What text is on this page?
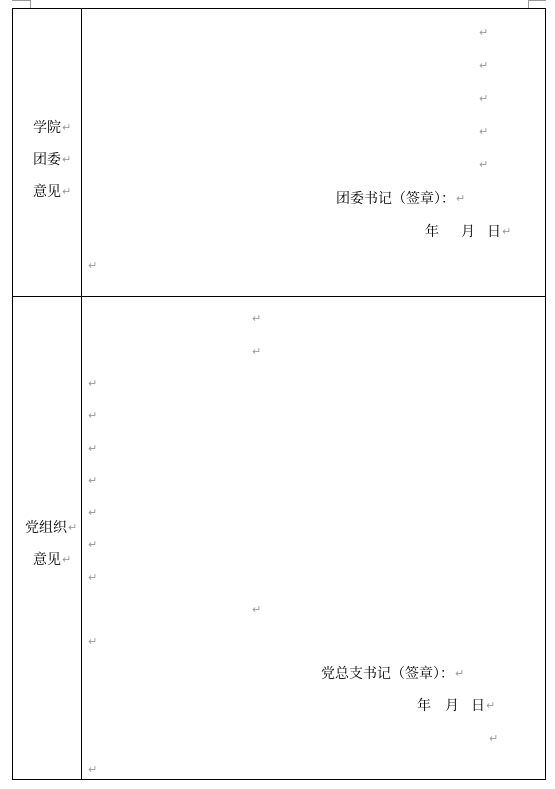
学院↵
团委↵
意见↵
↵
↵
↵
↵
↵	团委书记（签章）：↵
年 月 日↵
↵
党组织↵
意见↵
↵
↵
↵
↵
↵
↵
↵
↵
↵
↵
↵
党总支书记（签章）：↵
年 月 日↵
↵
↵
